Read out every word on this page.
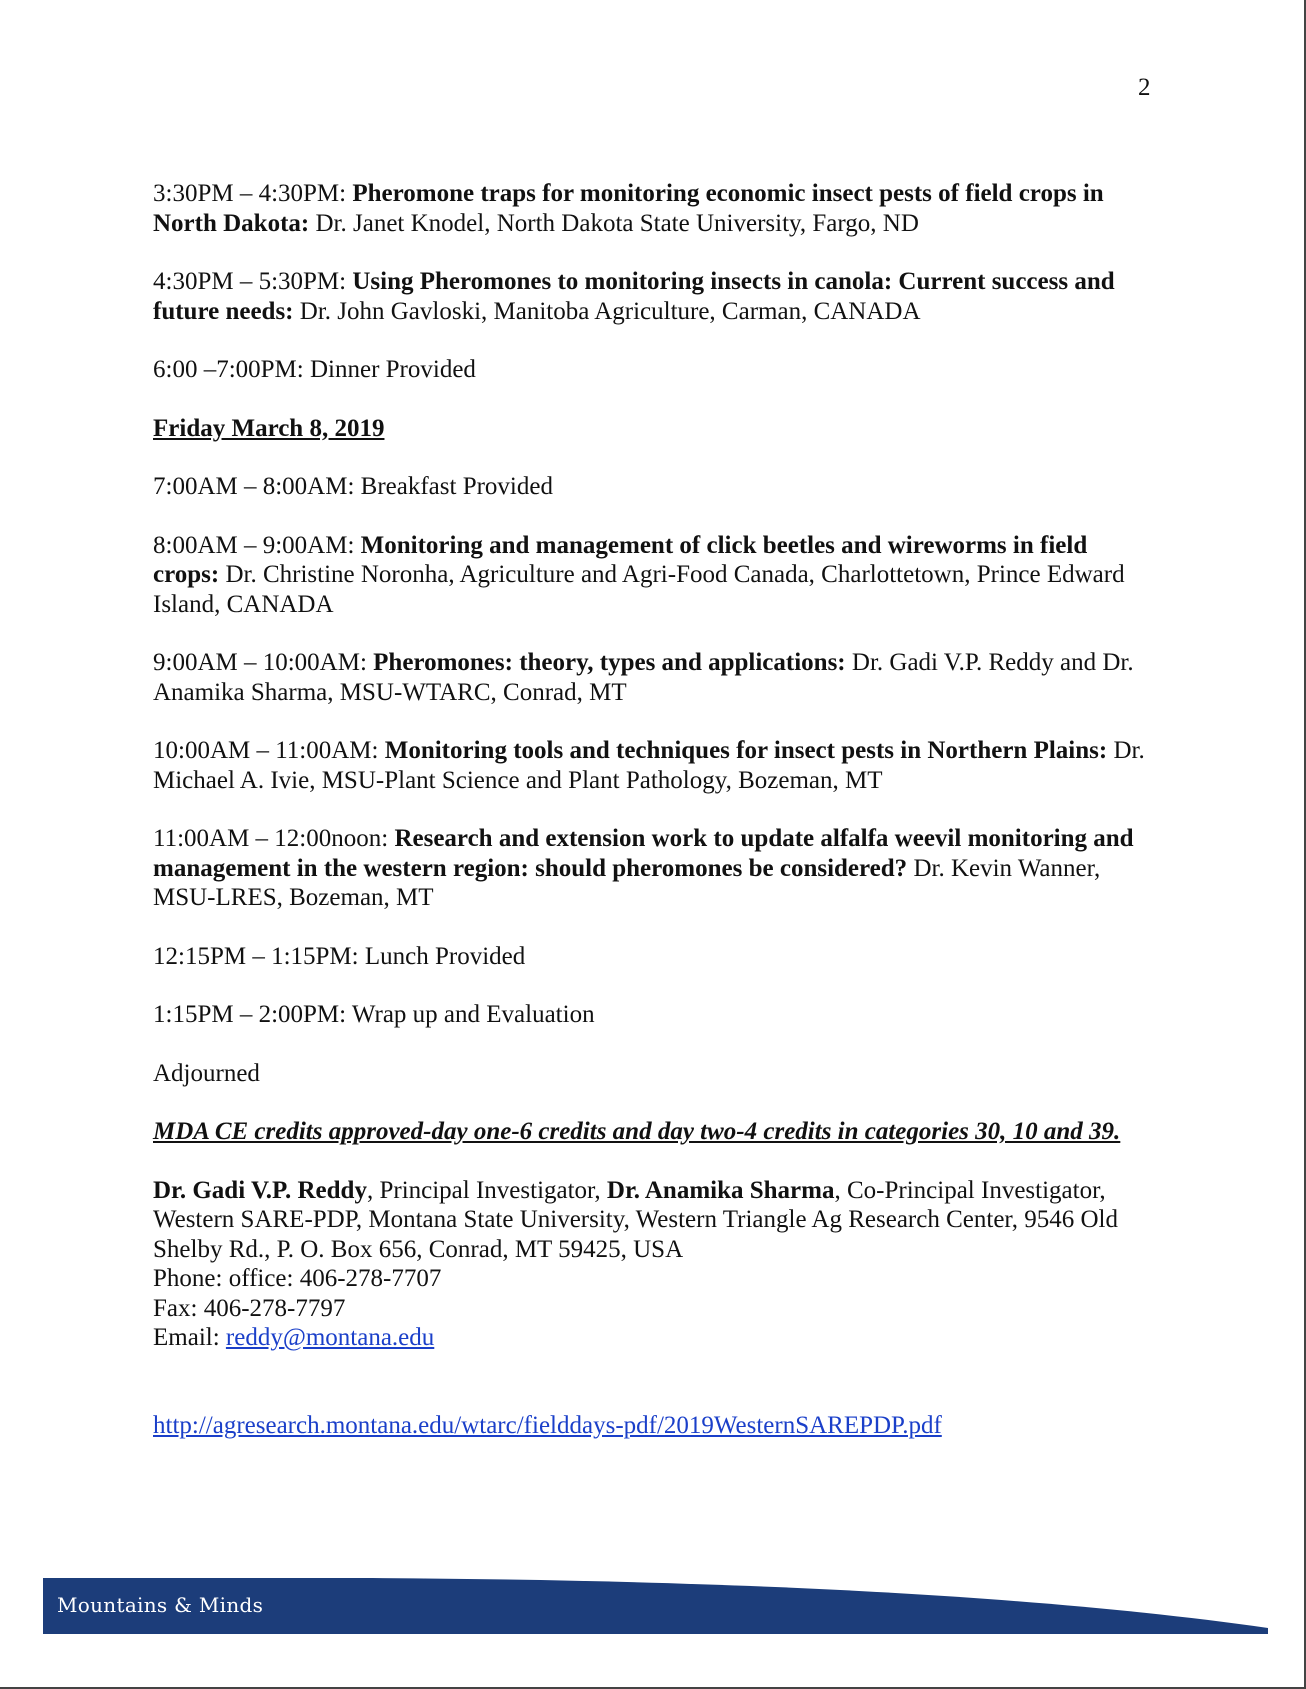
2

3:30PM – 4:30PM: Pheromone traps for monitoring economic insect pests of field crops in North Dakota: Dr. Janet Knodel, North Dakota State University, Fargo, ND

4:30PM – 5:30PM: Using Pheromones to monitoring insects in canola: Current success and future needs: Dr. John Gavloski, Manitoba Agriculture, Carman, CANADA

6:00 –7:00PM: Dinner Provided

Friday March 8, 2019

7:00AM – 8:00AM: Breakfast Provided

8:00AM – 9:00AM: Monitoring and management of click beetles and wireworms in field crops: Dr. Christine Noronha, Agriculture and Agri-Food Canada, Charlottetown, Prince Edward Island, CANADA

9:00AM – 10:00AM: Pheromones: theory, types and applications: Dr. Gadi V.P. Reddy and Dr. Anamika Sharma, MSU-WTARC, Conrad, MT

10:00AM – 11:00AM: Monitoring tools and techniques for insect pests in Northern Plains: Dr. Michael A. Ivie, MSU-Plant Science and Plant Pathology, Bozeman, MT

11:00AM – 12:00noon: Research and extension work to update alfalfa weevil monitoring and management in the western region: should pheromones be considered? Dr. Kevin Wanner, MSU-LRES, Bozeman, MT

12:15PM – 1:15PM: Lunch Provided

1:15PM – 2:00PM: Wrap up and Evaluation

Adjourned

MDA CE credits approved-day one-6 credits and day two-4 credits in categories 30, 10 and 39.

Dr. Gadi V.P. Reddy, Principal Investigator, Dr. Anamika Sharma, Co-Principal Investigator, Western SARE-PDP, Montana State University, Western Triangle Ag Research Center, 9546 Old Shelby Rd., P. O. Box 656, Conrad, MT 59425, USA
Phone: office: 406-278-7707
Fax: 406-278-7797
Email: reddy@montana.edu

http://agresearch.montana.edu/wtarc/fielddays-pdf/2019WesternSAREPDP.pdf

Mountains & Minds
